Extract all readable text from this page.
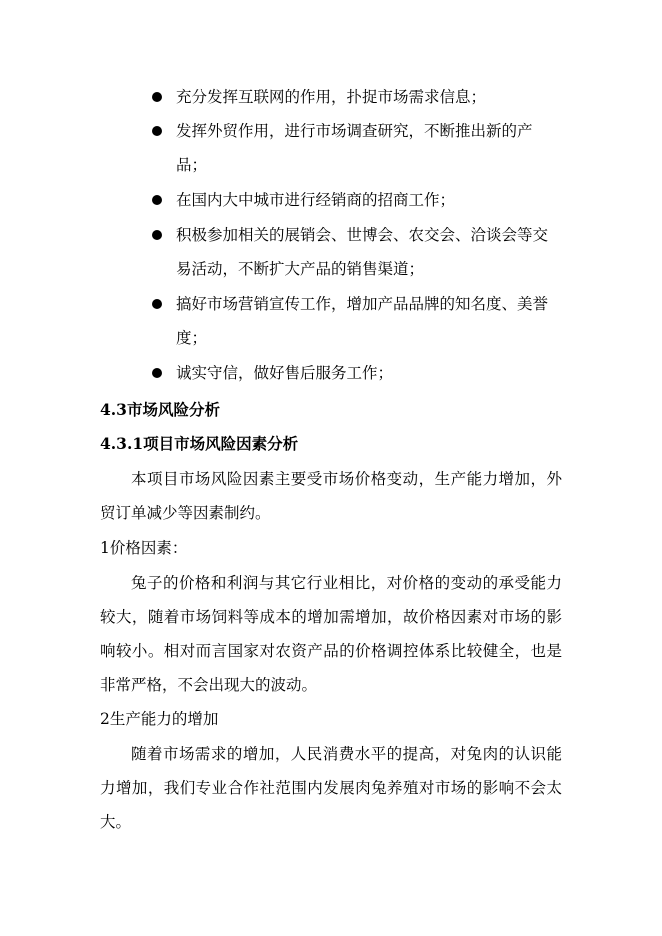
充分发挥互联网的作用，扑捉市场需求信息；
发挥外贸作用，进行市场调查研究，不断推出新的产品；
在国内大中城市进行经销商的招商工作；
积极参加相关的展销会、世博会、农交会、洽谈会等交易活动，不断扩大产品的销售渠道；
搞好市场营销宣传工作，增加产品品牌的知名度、美誉度；
诚实守信，做好售后服务工作；
4.3市场风险分析
4.3.1项目市场风险因素分析
本项目市场风险因素主要受市场价格变动，生产能力增加，外贸订单减少等因素制约。
1价格因素：
兔子的价格和利润与其它行业相比，对价格的变动的承受能力较大，随着市场饲料等成本的增加需增加，故价格因素对市场的影响较小。相对而言国家对农资产品的价格调控体系比较健全，也是非常严格，不会出现大的波动。
2生产能力的增加
随着市场需求的增加，人民消费水平的提高，对兔肉的认识能力增加，我们专业合作社范围内发展肉兔养殖对市场的影响不会太大。
